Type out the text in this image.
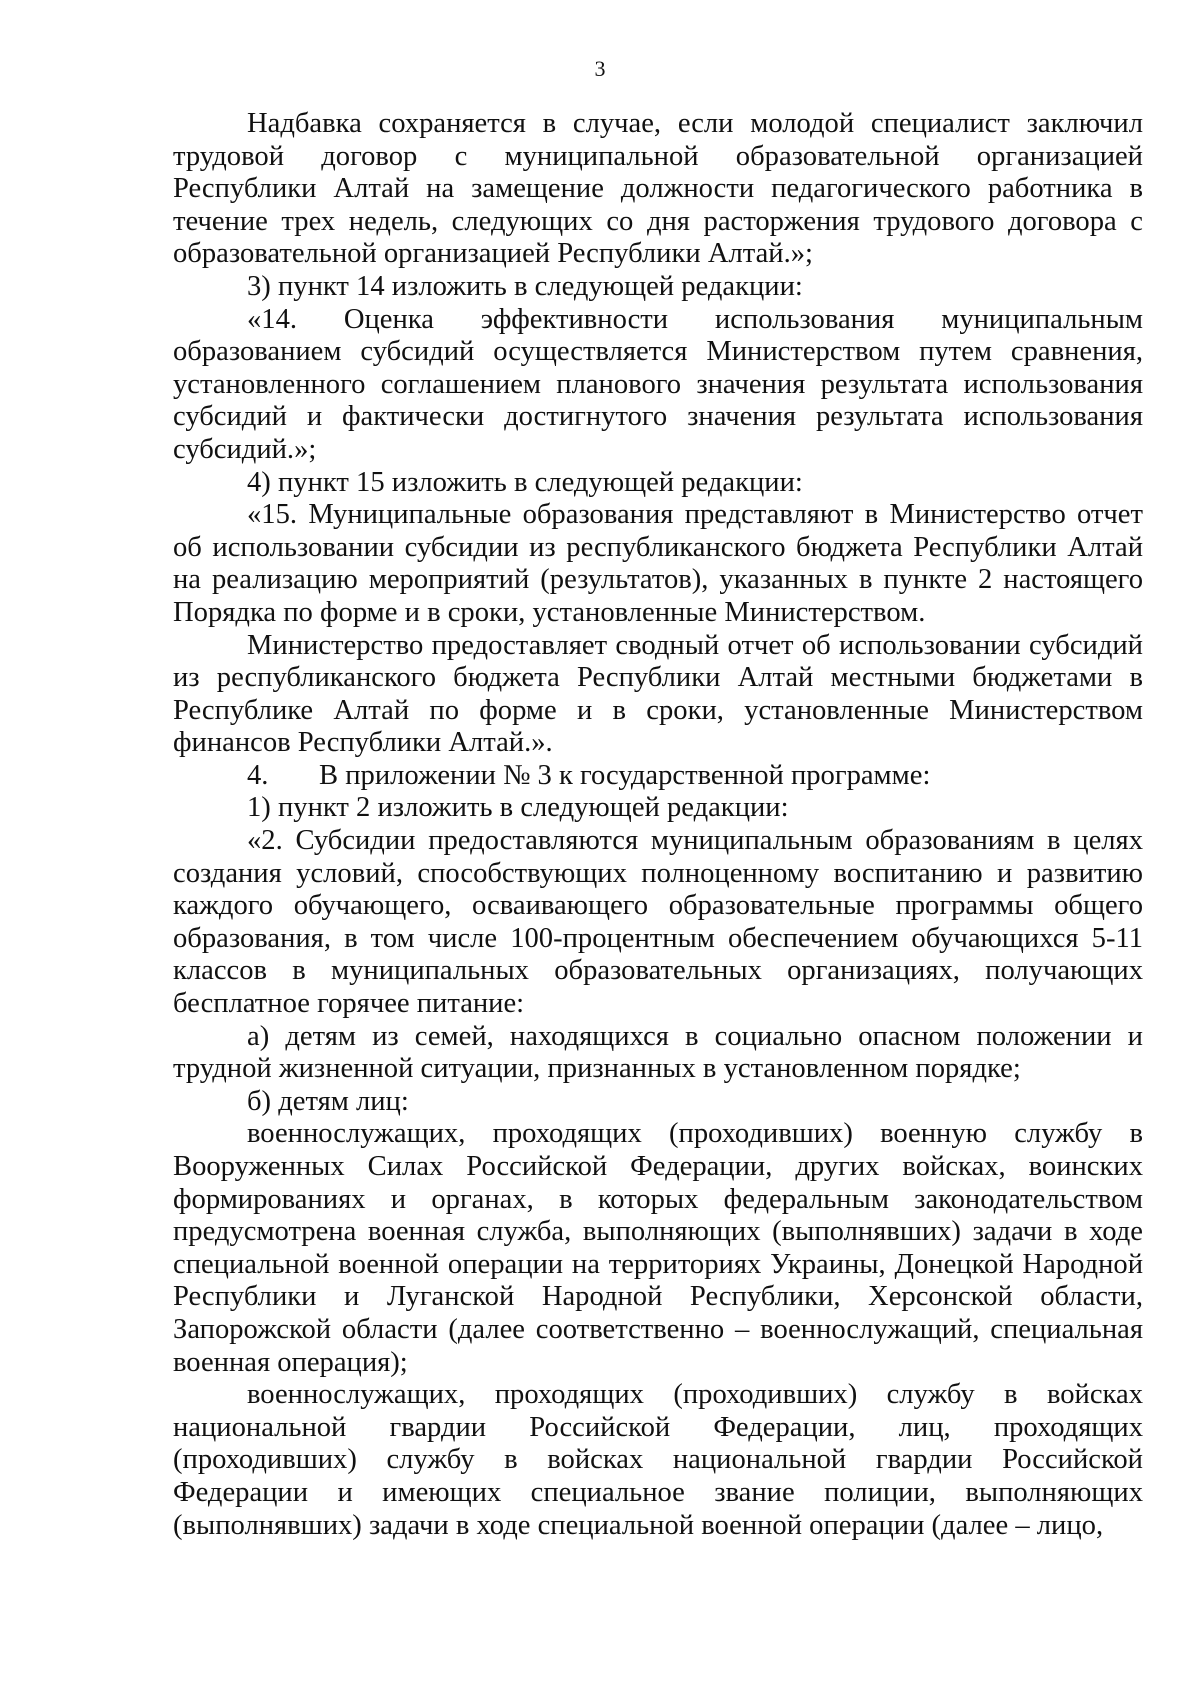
3

Надбавка сохраняется в случае, если молодой специалист заключил трудовой договор с муниципальной образовательной организацией Республики Алтай на замещение должности педагогического работника в течение трех недель, следующих со дня расторжения трудового договора с образовательной организацией Республики Алтай.»;

3) пункт 14 изложить в следующей редакции:

«14. Оценка эффективности использования муниципальным образованием субсидий осуществляется Министерством путем сравнения, установленного соглашением планового значения результата использования субсидий и фактически достигнутого значения результата использования субсидий.»;

4) пункт 15 изложить в следующей редакции:

«15. Муниципальные образования представляют в Министерство отчет об использовании субсидии из республиканского бюджета Республики Алтай на реализацию мероприятий (результатов), указанных в пункте 2 настоящего Порядка по форме и в сроки, установленные Министерством.

Министерство предоставляет сводный отчет об использовании субсидий из республиканского бюджета Республики Алтай местными бюджетами в Республике Алтай по форме и в сроки, установленные Министерством финансов Республики Алтай.».

4. В приложении № 3 к государственной программе:

1) пункт 2 изложить в следующей редакции:

«2. Субсидии предоставляются муниципальным образованиям в целях создания условий, способствующих полноценному воспитанию и развитию каждого обучающего, осваивающего образовательные программы общего образования, в том числе 100-процентным обеспечением обучающихся 5-11 классов в муниципальных образовательных организациях, получающих бесплатное горячее питание:

а) детям из семей, находящихся в социально опасном положении и трудной жизненной ситуации, признанных в установленном порядке;

б) детям лиц:

военнослужащих, проходящих (проходивших) военную службу в Вооруженных Силах Российской Федерации, других войсках, воинских формированиях и органах, в которых федеральным законодательством предусмотрена военная служба, выполняющих (выполнявших) задачи в ходе специальной военной операции на территориях Украины, Донецкой Народной Республики и Луганской Народной Республики, Херсонской области, Запорожской области (далее соответственно – военнослужащий, специальная военная операция);

военнослужащих, проходящих (проходивших) службу в войсках национальной гвардии Российской Федерации, лиц, проходящих (проходивших) службу в войсках национальной гвардии Российской Федерации и имеющих специальное звание полиции, выполняющих (выполнявших) задачи в ходе специальной военной операции (далее – лицо,
